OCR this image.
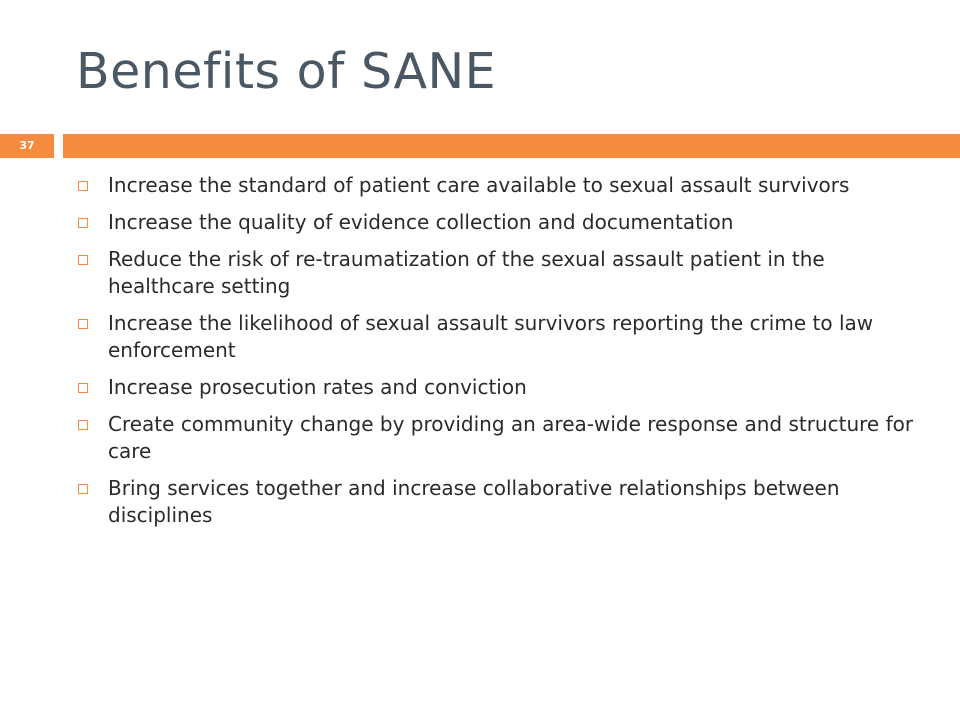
Benefits of SANE
37
Increase the standard of patient care available to sexual assault survivors
Increase the quality of evidence collection and documentation
Reduce the risk of re-traumatization of the sexual assault patient in the healthcare setting
Increase the likelihood of sexual assault survivors reporting the crime to law enforcement
Increase prosecution rates and conviction
Create community change by providing an area-wide response and structure for care
Bring services together and increase collaborative relationships between disciplines
